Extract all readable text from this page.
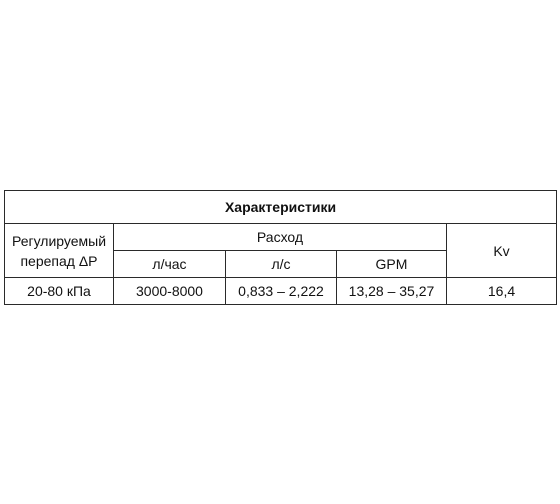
Характеристики				
Регулируемый
перепад ΔP	Расход			Kv
	л/час	л/с	GPM	
20-80 кПа	3000-8000	0,833 – 2,222	13,28 – 35,27	16,4
